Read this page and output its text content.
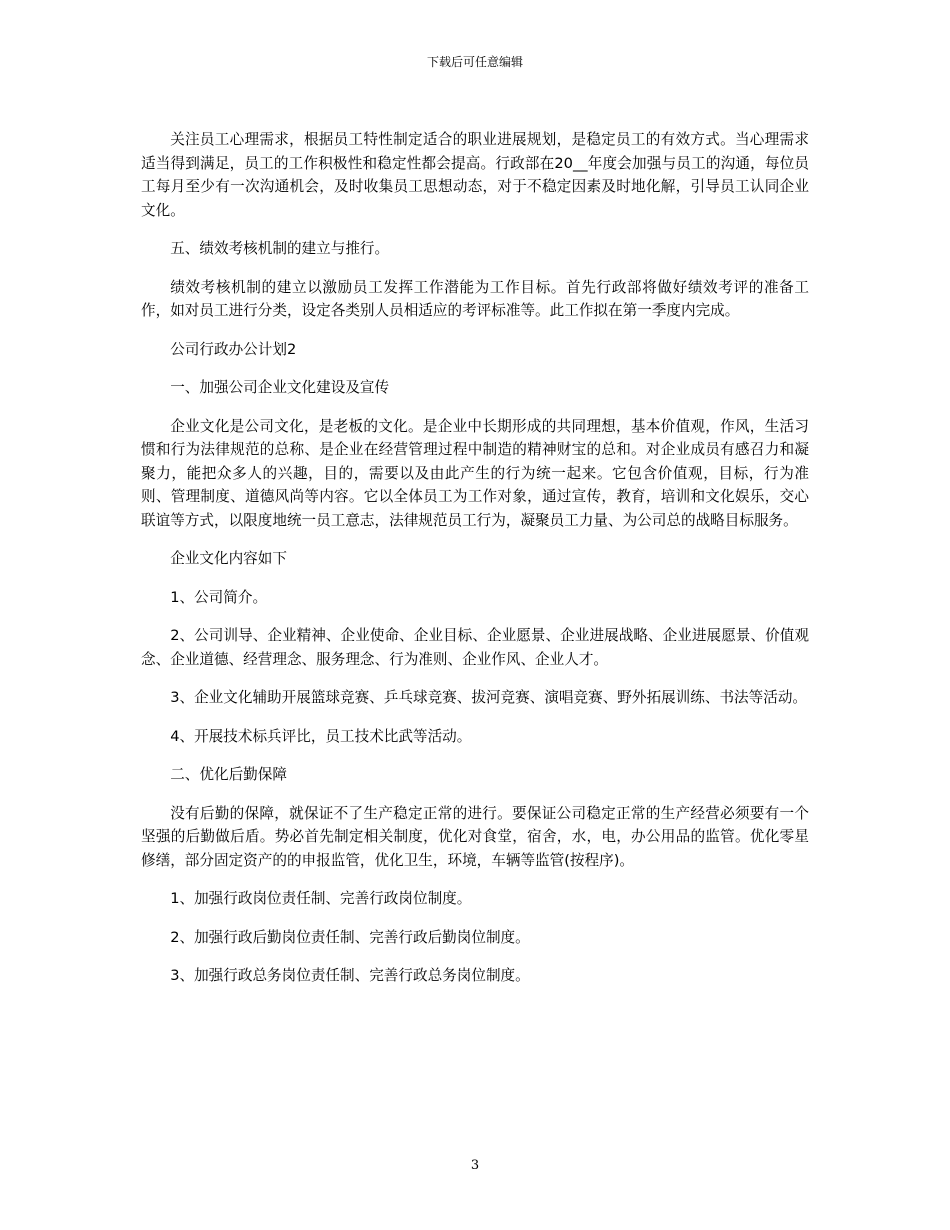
下载后可任意编辑

关注员工心理需求，根据员工特性制定适合的职业进展规划，是稳定员工的有效方式。当心理需求适当得到满足，员工的工作积极性和稳定性都会提高。行政部在20__年度会加强与员工的沟通，每位员工每月至少有一次沟通机会，及时收集员工思想动态，对于不稳定因素及时地化解，引导员工认同企业文化。

五、绩效考核机制的建立与推行。

绩效考核机制的建立以激励员工发挥工作潜能为工作目标。首先行政部将做好绩效考评的准备工作，如对员工进行分类，设定各类别人员相适应的考评标准等。此工作拟在第一季度内完成。

公司行政办公计划2

一、加强公司企业文化建设及宣传

企业文化是公司文化，是老板的文化。是企业中长期形成的共同理想，基本价值观，作风，生活习惯和行为法律规范的总称、是企业在经营管理过程中制造的精神财宝的总和。对企业成员有感召力和凝聚力，能把众多人的兴趣，目的，需要以及由此产生的行为统一起来。它包含价值观，目标，行为准则、管理制度、道德风尚等内容。它以全体员工为工作对象，通过宣传，教育，培训和文化娱乐，交心联谊等方式，以限度地统一员工意志，法律规范员工行为，凝聚员工力量、为公司总的战略目标服务。

企业文化内容如下

1、公司简介。

2、公司训导、企业精神、企业使命、企业目标、企业愿景、企业进展战略、企业进展愿景、价值观念、企业道德、经营理念、服务理念、行为准则、企业作风、企业人才。

3、企业文化辅助开展篮球竞赛、乒乓球竞赛、拔河竞赛、演唱竞赛、野外拓展训练、书法等活动。

4、开展技术标兵评比，员工技术比武等活动。

二、优化后勤保障

没有后勤的保障，就保证不了生产稳定正常的进行。要保证公司稳定正常的生产经营必须要有一个坚强的后勤做后盾。势必首先制定相关制度，优化对食堂，宿舍，水，电，办公用品的监管。优化零星修缮，部分固定资产的的申报监管，优化卫生，环境，车辆等监管(按程序)。

1、加强行政岗位责任制、完善行政岗位制度。

2、加强行政后勤岗位责任制、完善行政后勤岗位制度。

3、加强行政总务岗位责任制、完善行政总务岗位制度。

3
